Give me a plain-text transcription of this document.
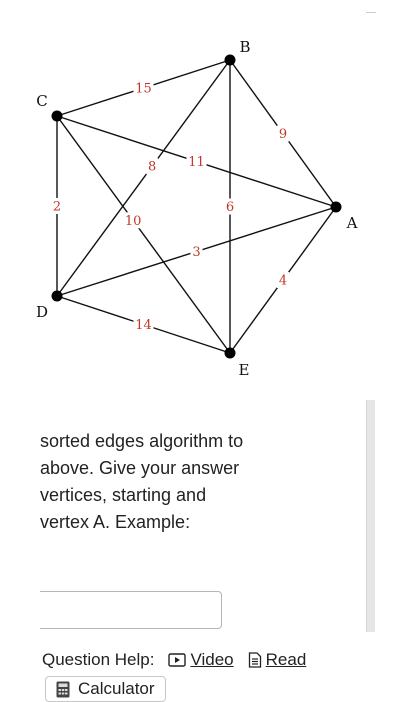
15
9
6
8 11
2
10
3
14
4
A
B
C
D
E

sorted edges algorithm to

above. Give your answer

vertices, starting and

vertex A. Example:

Question Help: Video Read
Calculator
